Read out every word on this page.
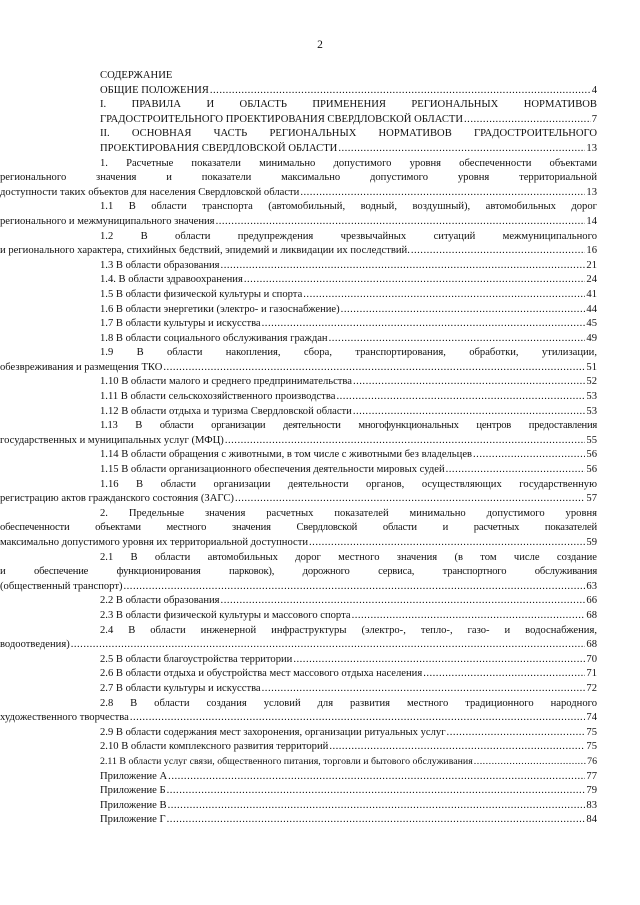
2
СОДЕРЖАНИЕ
ОБЩИЕ ПОЛОЖЕНИЯ .....	4
I. ПРАВИЛА И ОБЛАСТЬ ПРИМЕНЕНИЯ РЕГИОНАЛЬНЫХ НОРМАТИВОВ
ГРАДОСТРОИТЕЛЬНОГО ПРОЕКТИРОВАНИЯ СВЕРДЛОВСКОЙ ОБЛАСТИ .....	7
II. ОСНОВНАЯ ЧАСТЬ РЕГИОНАЛЬНЫХ НОРМАТИВОВ ГРАДОСТРОИТЕЛЬНОГО
ПРОЕКТИРОВАНИЯ СВЕРДЛОВСКОЙ ОБЛАСТИ .....	13
1. Расчетные показатели минимально допустимого уровня обеспеченности объектами
регионального значения и показатели максимально допустимого уровня территориальной
доступности таких объектов для населения Свердловской области .....	13
1.1 В области транспорта (автомобильный, водный, воздушный), автомобильных дорог
регионального и межмуниципального значения .....	14
1.2 В области предупреждения чрезвычайных ситуаций межмуниципального
и регионального характера, стихийных бедствий, эпидемий и ликвидации их последствий. .....	16
1.3 В области образования .....	21
1.4. В области здравоохранения .....	24
1.5 В области физической культуры и спорта .....	41
1.6 В области энергетики (электро- и газоснабжение) .....	44
1.7 В области культуры и искусства .....	45
1.8 В области социального обслуживания граждан .....	49
1.9 В области накопления, сбора, транспортирования, обработки, утилизации,
обезвреживания и размещения ТКО .....	51
1.10 В области малого и среднего предпринимательства .....	52
1.11 В области сельскохозяйственного производства .....	53
1.12 В области отдыха и туризма Свердловской области .....	53
1.13 В области организации деятельности многофункциональных центров предоставления
государственных и муниципальных услуг (МФЦ) .....	55
1.14 В области обращения с животными, в том числе с животными без владельцев .....	56
1.15 В области организационного обеспечения деятельности мировых судей .....	56
1.16 В области организации деятельности органов, осуществляющих государственную
регистрацию актов гражданского состояния (ЗАГС) .....	57
2. Предельные значения расчетных показателей минимально допустимого уровня
обеспеченности объектами местного значения Свердловской области и расчетных показателей
максимально допустимого уровня их территориальной доступности .....	59
2.1 В области автомобильных дорог местного значения (в том числе создание
и обеспечение функционирования парковок), дорожного сервиса, транспортного обслуживания
(общественный транспорт) .....	63
2.2 В области образования .....	66
2.3 В области физической культуры и массового спорта .....	68
2.4 В области инженерной инфраструктуры (электро-, тепло-, газо- и водоснабжения,
водоотведения) .....	68
2.5 В области благоустройства территории .....	70
2.6 В области отдыха и обустройства мест массового отдыха населения .....	71
2.7 В области культуры и искусства .....	72
2.8 В области создания условий для развития местного традиционного народного
художественного творчества .....	74
2.9 В области содержания мест захоронения, организации ритуальных услуг .....	75
2.10 В области комплексного развития территорий .....	75
2.11 В области услуг связи, общественного питания, торговли и бытового обслуживания .....	76
Приложение А .....	77
Приложение Б .....	79
Приложение В .....	83
Приложение Г .....	84
